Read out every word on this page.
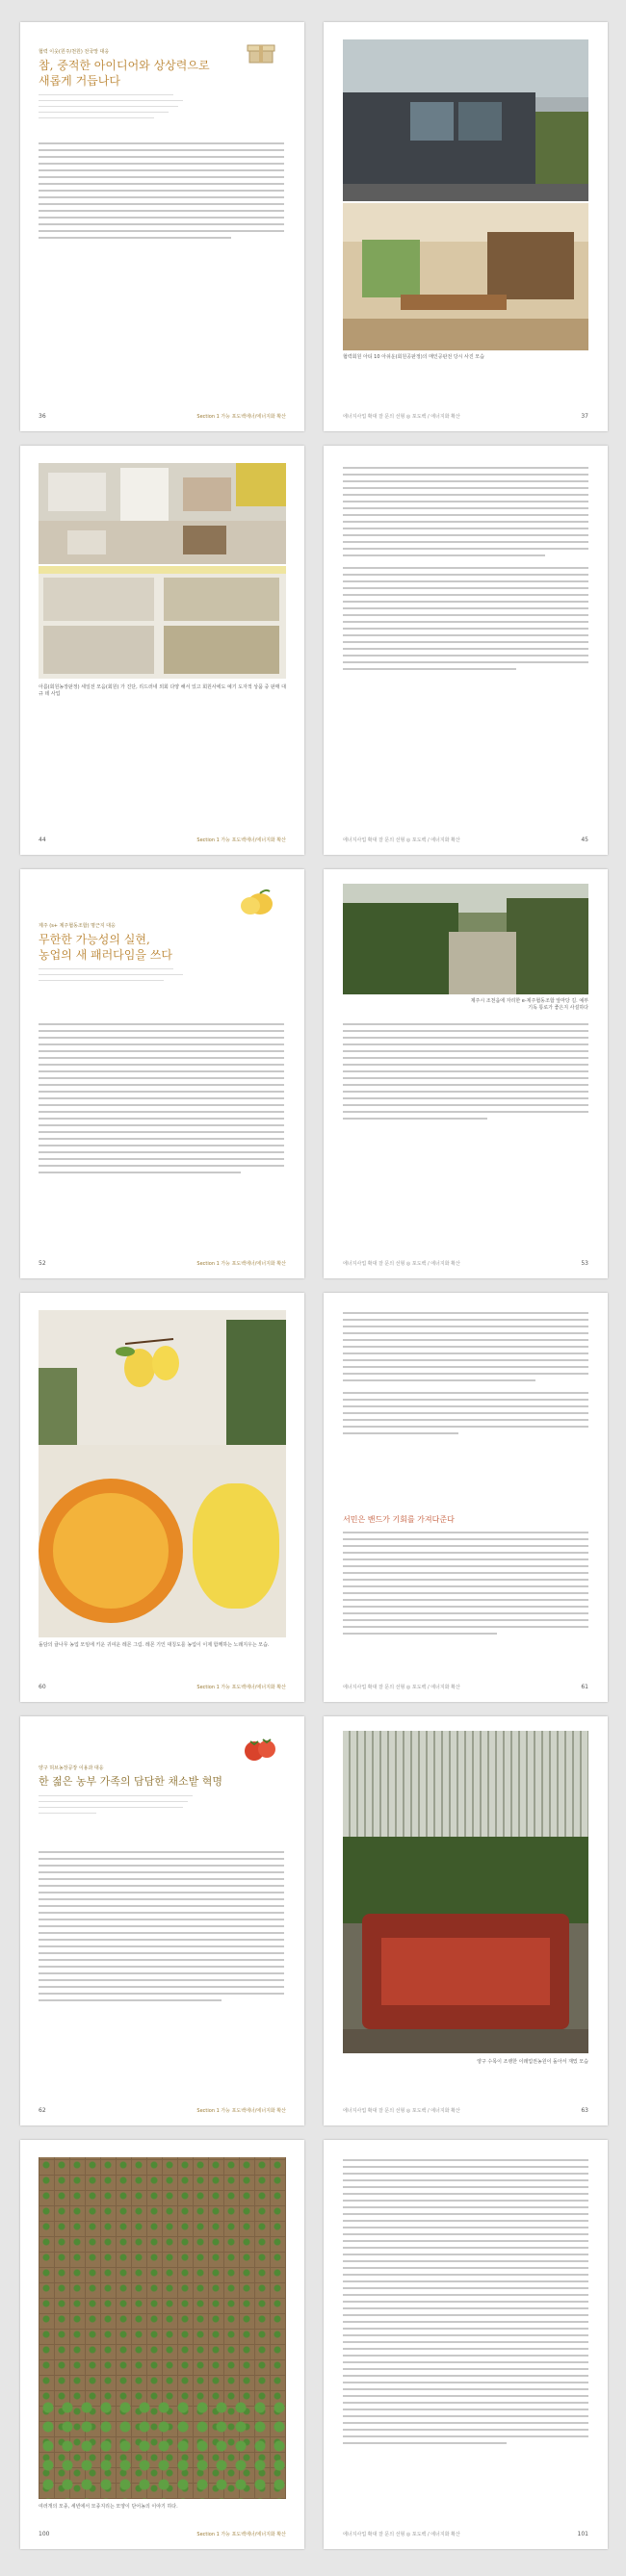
협력 이웃(원주/천원) 전국망 대응
참, 중적한 아이디어와 상상력으로
새롭게 거듭나다
36	Section 1 가능 포도백에너/에너지화 확산
협력회원 아티 10 아쉬운(회원공판정)의 매인공판전 당시 사진 모습
에너지사업 확대 잘 문의 선형 ◎ 포도백 / 에너지화 확산	37
아름(회원농장판정) 세일전 모음(회원) 가 진단, 리드러네 외회 다양 해서 있고 회원사에도 예기 도자적 상품 중 판매 대규 데 사업
44	Section 1 가능 포도백에너/에너지화 확산	에너지사업 확대 잘 문의 선형 ◎ 포도백 / 에너지화 확산	45
제주 (s+ 제주협동조합) 명근지 대응
무한한 가능성의 실현,
농업의 새 패러다임을 쓰다
52	Section 1 가능 포도백에너/에너지화 확산
제주시 조천읍에 자리한 e-제주협동조합 앞마당 길. 예부 기독 통로가 좋은지 사설하다
에너지사업 확대 잘 문의 선형 ◎ 포도백 / 에너지화 확산	53
돌담의 귤나무 농업 모임에 키운 귀여운 레몬 그림. 레몬 기인 대칭도를 농업이 이제 함께하는 노래지우는 모습.
60	Section 1 가능 포도백에너/에너지화 확산
서민은 밴드가 기회를 가져다준다
에너지사업 확대 잘 문의 선형 ◎ 포도백 / 에너지화 확산	61
양구 허브농장공장 이용과 대응
한 젊은 농부 가족의 담담한 채소밭 혁명
62	Section 1 가능 포도백에너/에너지화 확산
양구 수목이 조랭한 이래업권농원이 돌아서 재밌 모습
에너지사업 확대 잘 문의 선형 ◎ 포도백 / 에너지화 확산	63
여러개의 모종, 세빈에서 모종지리는 모양이 단어농의 이야기 하다.
100	Section 1 가능 포도백에너/에너지화 확산	에너지사업 확대 잘 문의 선형 ◎ 포도백 / 에너지화 확산	101
